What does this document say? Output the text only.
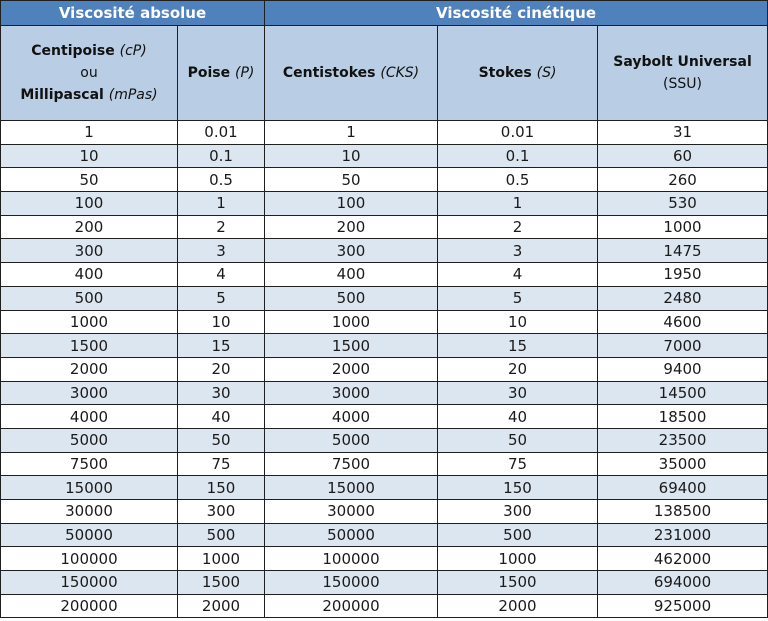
Viscosité absolue		Viscosité cinétique		
Centipoise (cP)
ou
Millipascal (mPas)	Poise (P)	Centistokes (CKS)	Stokes (S)	Saybolt Universal
(SSU)
1	0.01	1	0.01	31
10	0.1	10	0.1	60
50	0.5	50	0.5	260
100	1	100	1	530
200	2	200	2	1000
300	3	300	3	1475
400	4	400	4	1950
500	5	500	5	2480
1000	10	1000	10	4600
1500	15	1500	15	7000
2000	20	2000	20	9400
3000	30	3000	30	14500
4000	40	4000	40	18500
5000	50	5000	50	23500
7500	75	7500	75	35000
15000	150	15000	150	69400
30000	300	30000	300	138500
50000	500	50000	500	231000
100000	1000	100000	1000	462000
150000	1500	150000	1500	694000
200000	2000	200000	2000	925000
